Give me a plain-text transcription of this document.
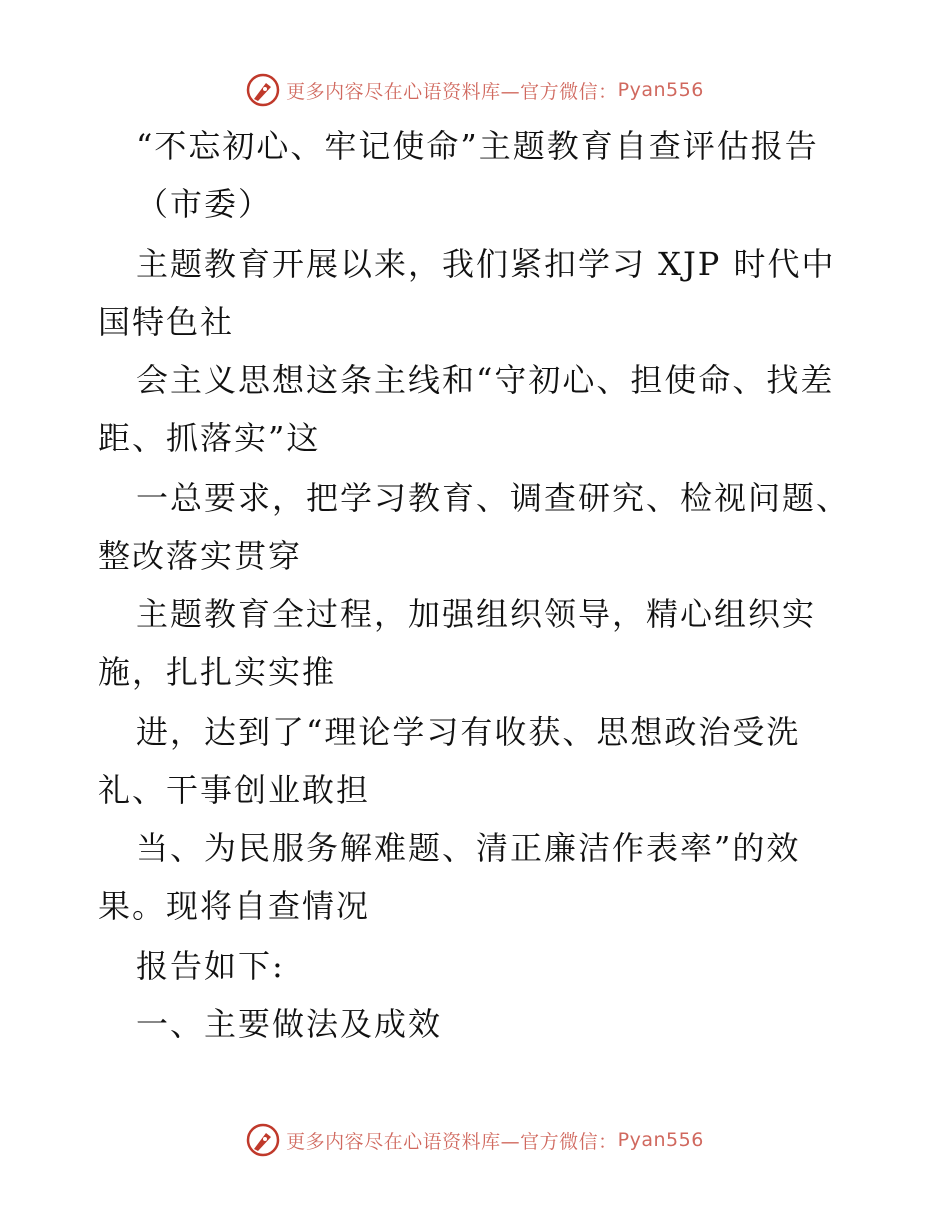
更多内容尽在心语资料库—官方微信： Pyan556
“不忘初心、牢记使命”主题教育自查评估报告
（市委）
主题教育开展以来，我们紧扣学习 XJP 时代中
国特色社
会主义思想这条主线和“守初心、担使命、找差
距、抓落实”这
一总要求，把学习教育、调查研究、检视问题、
整改落实贯穿
主题教育全过程，加强组织领导，精心组织实
施，扎扎实实推
进，达到了“理论学习有收获、思想政治受洗
礼、干事创业敢担
当、为民服务解难题、清正廉洁作表率”的效
果。现将自查情况
报告如下:
一、主要做法及成效
更多内容尽在心语资料库—官方微信： Pyan556
